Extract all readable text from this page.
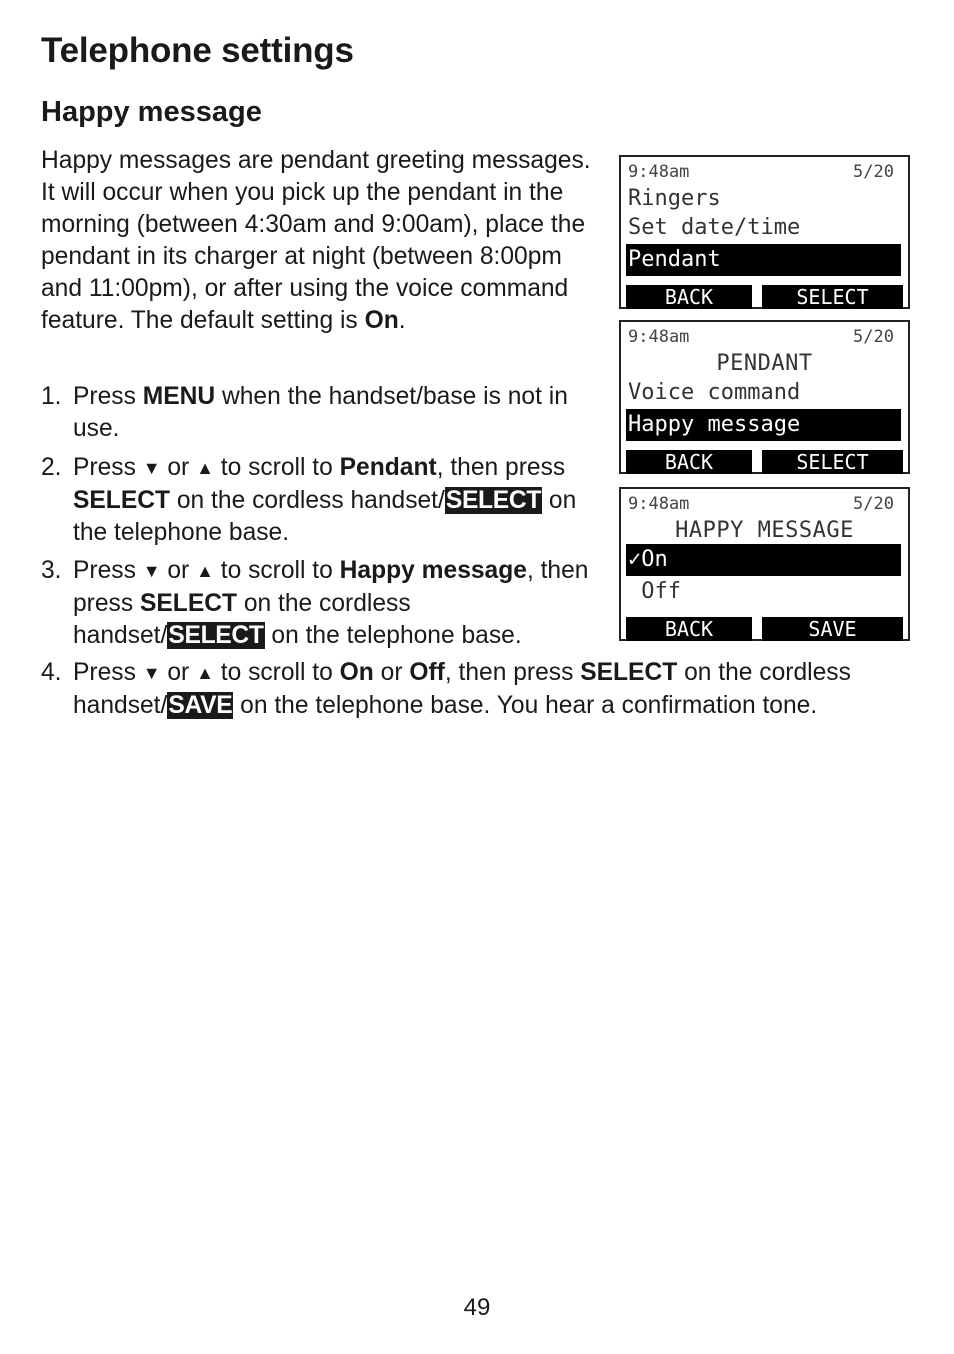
Telephone settings
Happy message

Happy messages are pendant greeting messages. It will occur when you pick up the pendant in the morning (between 4:30am and 9:00am), place the pendant in its charger at night (between 8:00pm and 11:00pm), or after using the voice command feature. The default setting is On.

1. Press MENU when the handset/base is not in use.
2. Press ▼ or ▲ to scroll to Pendant, then press SELECT on the cordless handset/SELECT on the telephone base.
3. Press ▼ or ▲ to scroll to Happy message, then press SELECT on the cordless handset/SELECT on the telephone base.
4. Press ▼ or ▲ to scroll to On or Off, then press SELECT on the cordless handset/SAVE on the telephone base. You hear a confirmation tone.
9:48am	5/20
Ringers
Set date/time
Pendant
BACK	SELECT
9:48am	5/20
PENDANT
Voice command
Happy message
BACK	SELECT
9:48am	5/20
HAPPY MESSAGE
✓On
Off
BACK	SAVE
49
